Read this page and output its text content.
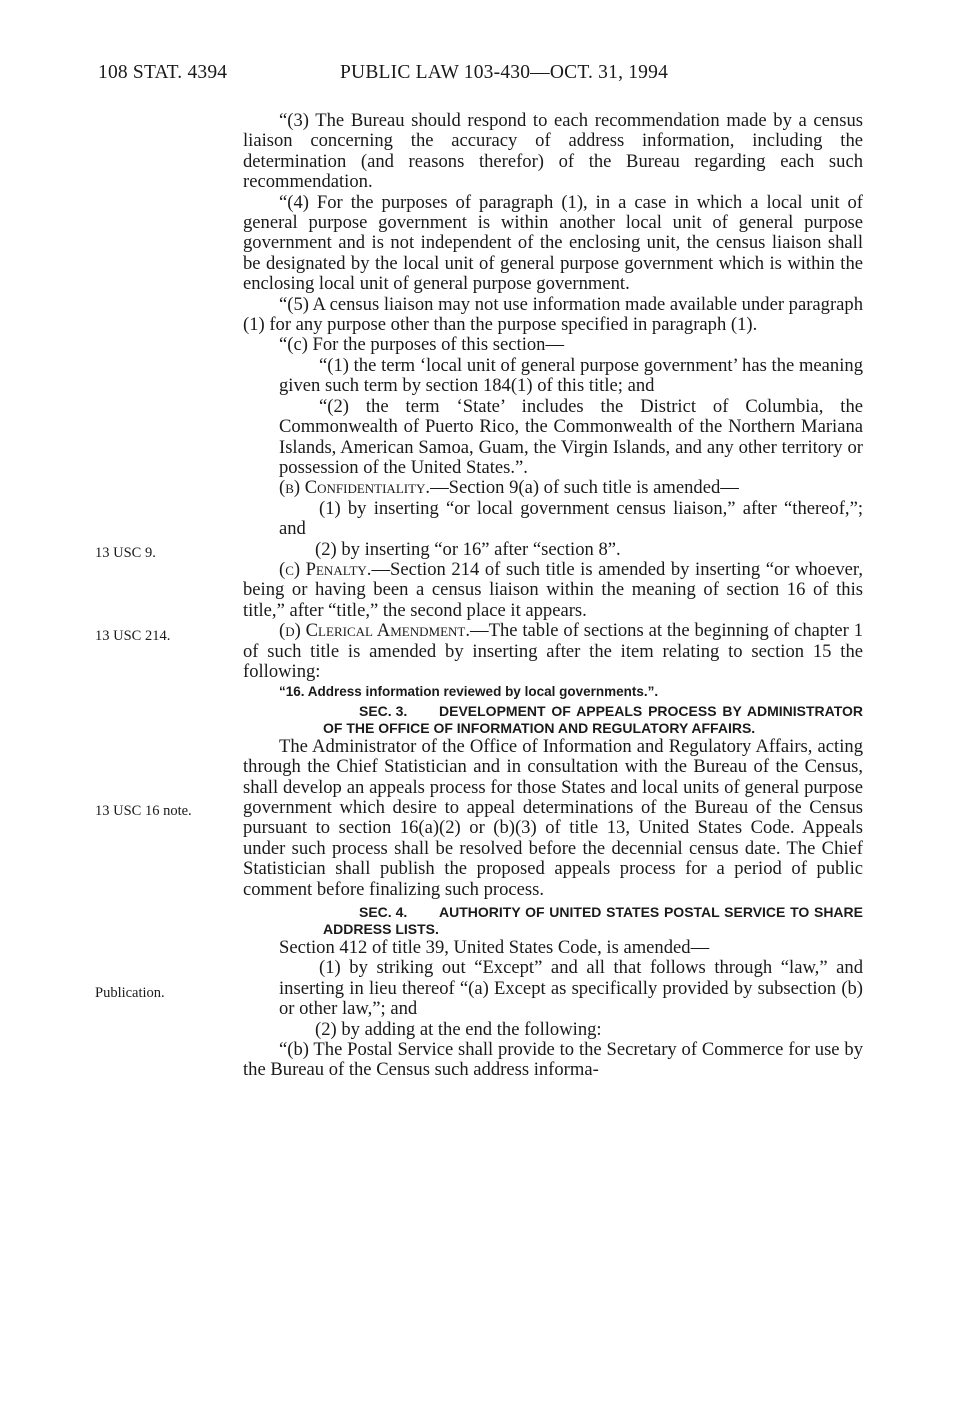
108 STAT. 4394	PUBLIC LAW 103-430—OCT. 31, 1994
13 USC 9.
13 USC 214.
13 USC 16 note.
Publication.

“(3) The Bureau should respond to each recommendation made by a census liaison concerning the accuracy of address information, including the determination (and reasons therefor) of the Bureau regarding each such recommendation.

“(4) For the purposes of paragraph (1), in a case in which a local unit of general purpose government is within another local unit of general purpose government and is not independent of the enclosing unit, the census liaison shall be designated by the local unit of general purpose government which is within the enclosing local unit of general purpose government.

“(5) A census liaison may not use information made available under paragraph (1) for any purpose other than the purpose specified in paragraph (1).

“(c) For the purposes of this section—

“(1) the term ‘local unit of general purpose government’ has the meaning given such term by section 184(1) of this title; and

“(2) the term ‘State’ includes the District of Columbia, the Commonwealth of Puerto Rico, the Commonwealth of the Northern Mariana Islands, American Samoa, Guam, the Virgin Islands, and any other territory or possession of the United States.”.

(b) Confidentiality.—Section 9(a) of such title is amended—

(1) by inserting “or local government census liaison,” after “thereof,”; and

(2) by inserting “or 16” after “section 8”.

(c) Penalty.—Section 214 of such title is amended by inserting “or whoever, being or having been a census liaison within the meaning of section 16 of this title,” after “title,” the second place it appears.

(d) Clerical Amendment.—The table of sections at the beginning of chapter 1 of such title is amended by inserting after the item relating to section 15 the following:

“16. Address information reviewed by local governments.”.

SEC. 3. DEVELOPMENT OF APPEALS PROCESS BY ADMINISTRATOR OF THE OFFICE OF INFORMATION AND REGULATORY AFFAIRS.

The Administrator of the Office of Information and Regulatory Affairs, acting through the Chief Statistician and in consultation with the Bureau of the Census, shall develop an appeals process for those States and local units of general purpose government which desire to appeal determinations of the Bureau of the Census pursuant to section 16(a)(2) or (b)(3) of title 13, United States Code. Appeals under such process shall be resolved before the decennial census date. The Chief Statistician shall publish the proposed appeals process for a period of public comment before finalizing such process.

SEC. 4. AUTHORITY OF UNITED STATES POSTAL SERVICE TO SHARE ADDRESS LISTS.

Section 412 of title 39, United States Code, is amended—

(1) by striking out “Except” and all that follows through “law,” and inserting in lieu thereof “(a) Except as specifically provided by subsection (b) or other law,”; and

(2) by adding at the end the following:

“(b) The Postal Service shall provide to the Secretary of Commerce for use by the Bureau of the Census such address informa-
